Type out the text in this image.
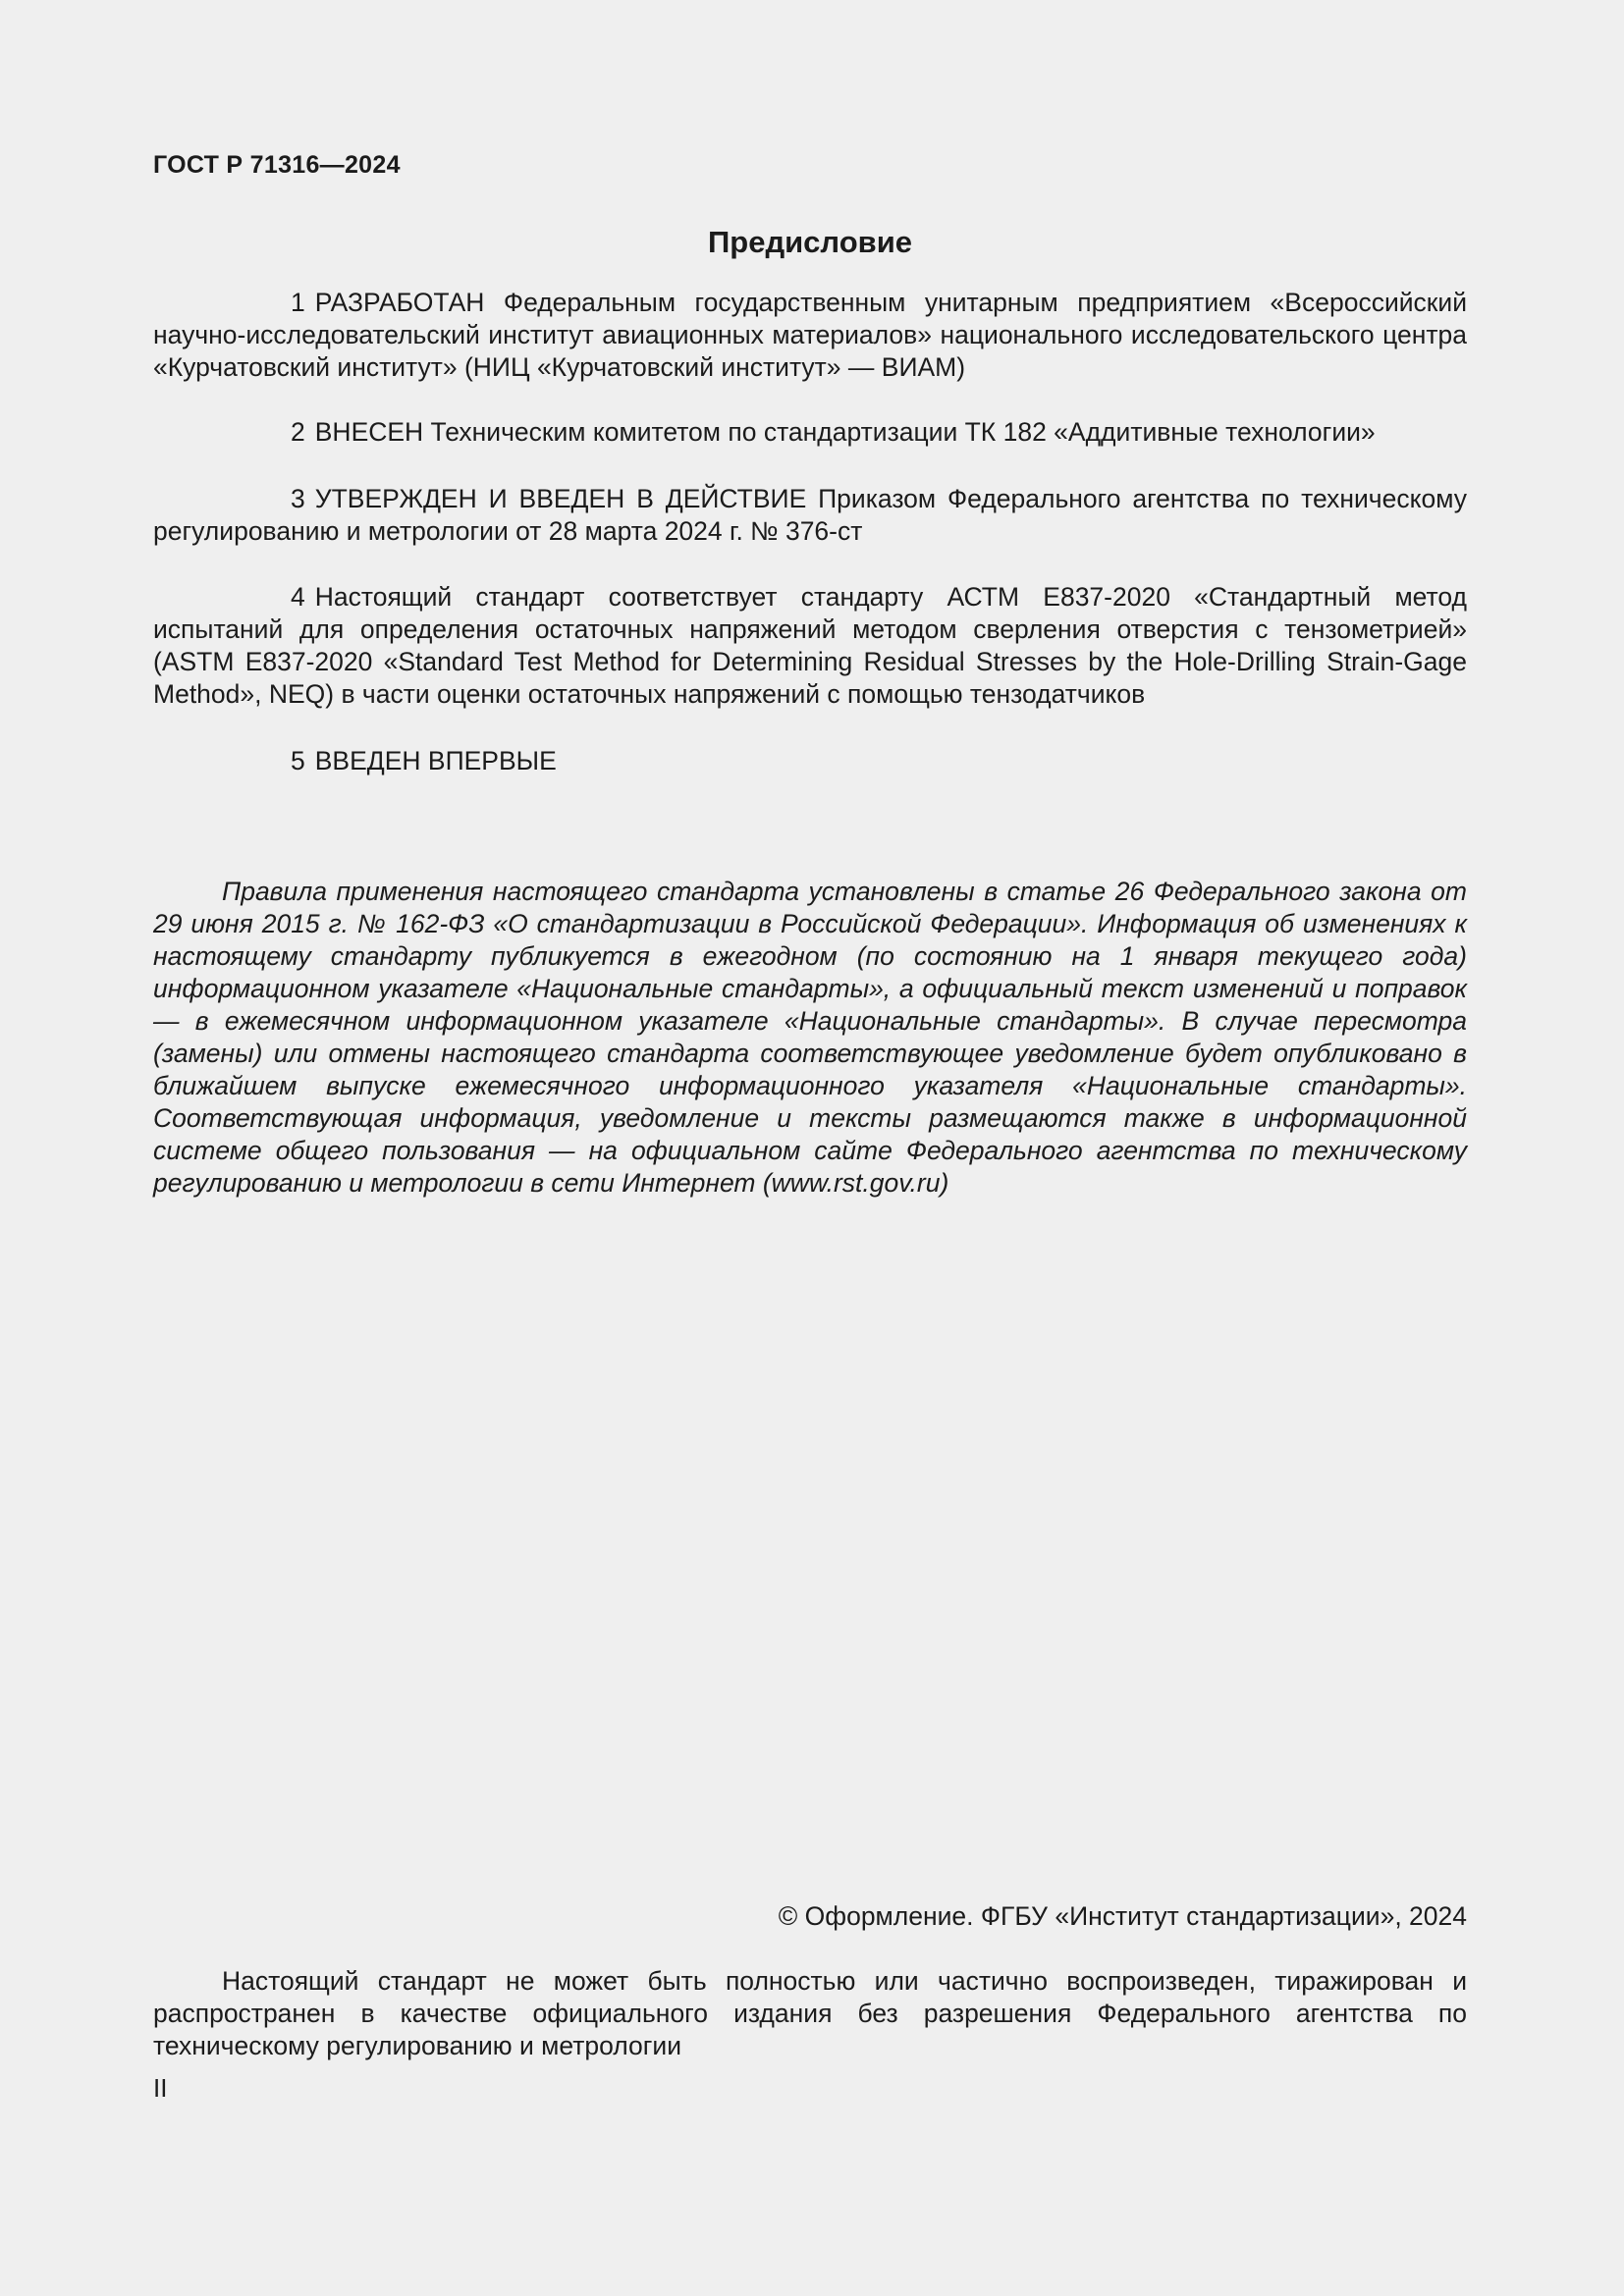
ГОСТ Р 71316—2024
Предисловие
1 РАЗРАБОТАН Федеральным государственным унитарным предприятием «Всероссийский научно-исследовательский институт авиационных материалов» национального исследовательского центра «Курчатовский институт» (НИЦ «Курчатовский институт» — ВИАМ)
2 ВНЕСЕН Техническим комитетом по стандартизации ТК 182 «Аддитивные технологии»
3 УТВЕРЖДЕН И ВВЕДЕН В ДЕЙСТВИЕ Приказом Федерального агентства по техническому регулированию и метрологии от 28 марта 2024 г. № 376-ст
4 Настоящий стандарт соответствует стандарту АСТМ Е837-2020 «Стандартный метод испытаний для определения остаточных напряжений методом сверления отверстия с тензометрией» (ASTM E837-2020 «Standard Test Method for Determining Residual Stresses by the Hole-Drilling Strain-Gage Method», NEQ) в части оценки остаточных напряжений с помощью тензодатчиков
5 ВВЕДЕН ВПЕРВЫЕ
Правила применения настоящего стандарта установлены в статье 26 Федерального закона от 29 июня 2015 г. № 162-ФЗ «О стандартизации в Российской Федерации». Информация об изменениях к настоящему стандарту публикуется в ежегодном (по состоянию на 1 января текущего года) информационном указателе «Национальные стандарты», а официальный текст изменений и поправок — в ежемесячном информационном указателе «Национальные стандарты». В случае пересмотра (замены) или отмены настоящего стандарта соответствующее уведомление будет опубликовано в ближайшем выпуске ежемесячного информационного указателя «Национальные стандарты». Соответствующая информация, уведомление и тексты размещаются также в информационной системе общего пользования — на официальном сайте Федерального агентства по техническому регулированию и метрологии в сети Интернет (www.rst.gov.ru)
© Оформление. ФГБУ «Институт стандартизации», 2024
Настоящий стандарт не может быть полностью или частично воспроизведен, тиражирован и распространен в качестве официального издания без разрешения Федерального агентства по техническому регулированию и метрологии
II
